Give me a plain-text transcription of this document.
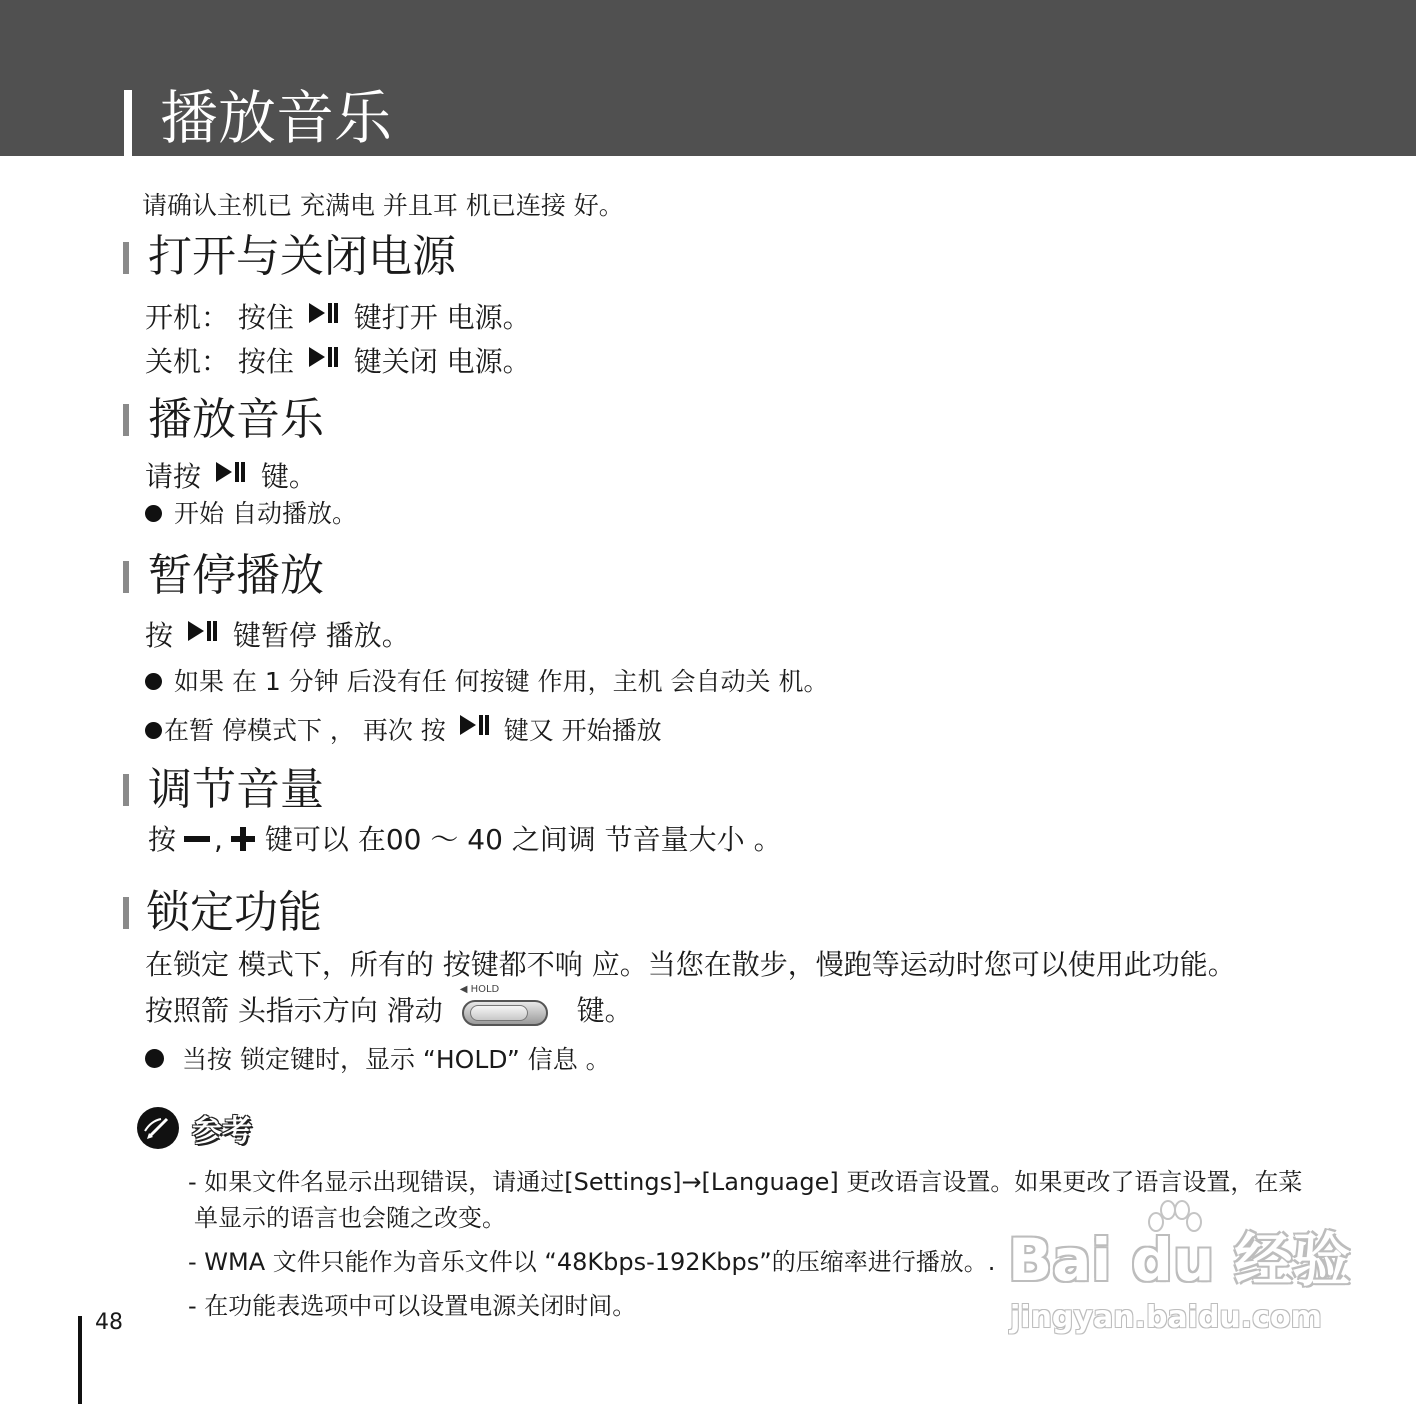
播放音乐
请确认主机已 充满电 并且耳 机已连接 好。
打开与关闭电源
开机： 按住 键打开 电源。
关机： 按住 键关闭 电源。
播放音乐
请按 键。
开始 自动播放。
暂停播放
按 键暂停 播放。
如果 在 1 分钟 后没有任 何按键 作用，主机 会自动关 机。
在暂 停模式下 ， 再次 按 键又 开始播放
调节音量
按 , 键可以 在00 ～ 40 之间调 节音量大小 。
锁定功能
在锁定 模式下，所有的 按键都不响 应。当您在散步，慢跑等运动时您可以使用此功能。
按照箭 头指示方向 滑动
◀ HOLD
键。
当按 锁定键时，显示 “HOLD” 信息 。
参考
- 如果文件名显示出现错误，请通过[Settings]→[Language] 更改语言设置。如果更改了语言设置，在菜
单显示的语言也会随之改变。
- WMA 文件只能作为音乐文件以 “48Kbps-192Kbps”的压缩率进行播放。.
- 在功能表选项中可以设置电源关闭时间。
48
Bai du 经验
jingyan.baidu.com
